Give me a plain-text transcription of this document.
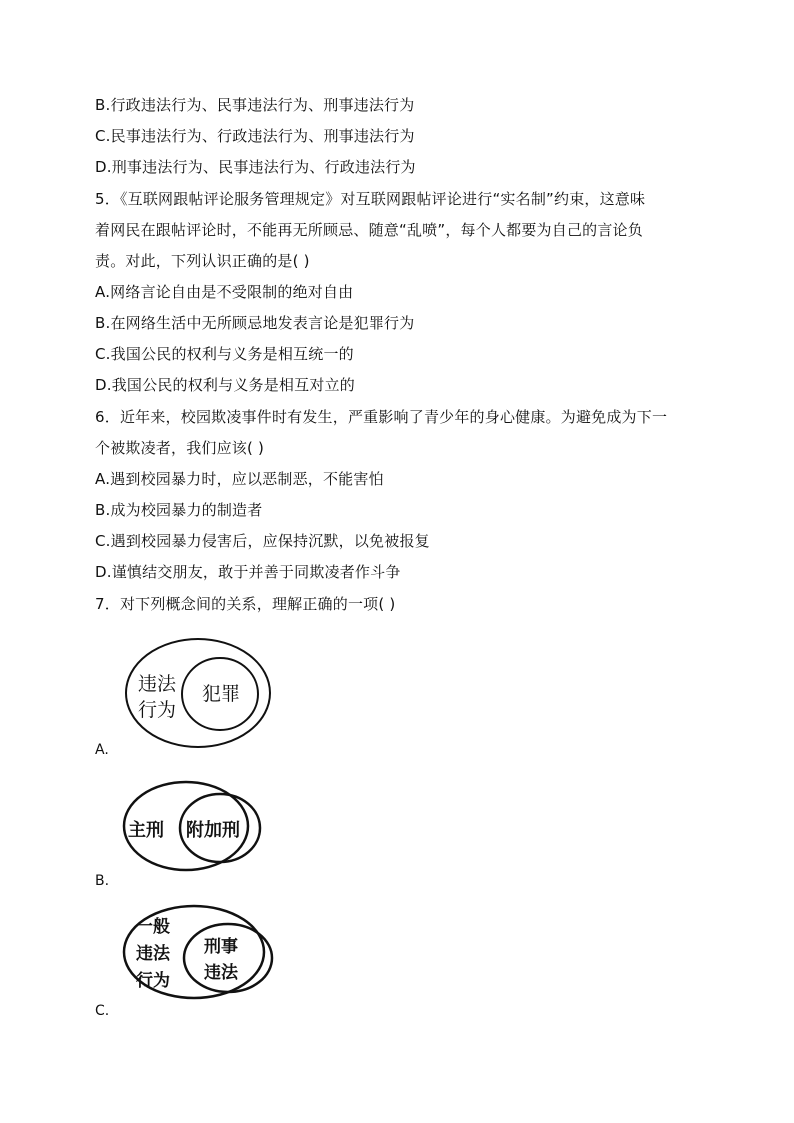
B.行政违法行为、民事违法行为、刑事违法行为
C.民事违法行为、行政违法行为、刑事违法行为
D.刑事违法行为、民事违法行为、行政违法行为
5．《互联网跟帖评论服务管理规定》对互联网跟帖评论进行“实名制”约束，这意味
着网民在跟帖评论时，不能再无所顾忌、随意“乱喷”，每个人都要为自己的言论负
责。对此，下列认识正确的是( )
A.网络言论自由是不受限制的绝对自由
B.在网络生活中无所顾忌地发表言论是犯罪行为
C.我国公民的权利与义务是相互统一的
D.我国公民的权利与义务是相互对立的
6．近年来，校园欺凌事件时有发生，严重影响了青少年的身心健康。为避免成为下一
个被欺凌者，我们应该( )
A.遇到校园暴力时，应以恶制恶，不能害怕
B.成为校园暴力的制造者
C.遇到校园暴力侵害后，应保持沉默，以免被报复
D.谨慎结交朋友，敢于并善于同欺凌者作斗争
7．对下列概念间的关系，理解正确的一项( )
违法
行为
犯罪
A.
主刑 附加刑
B.
一般
违法
行为
刑事
违法
C.
